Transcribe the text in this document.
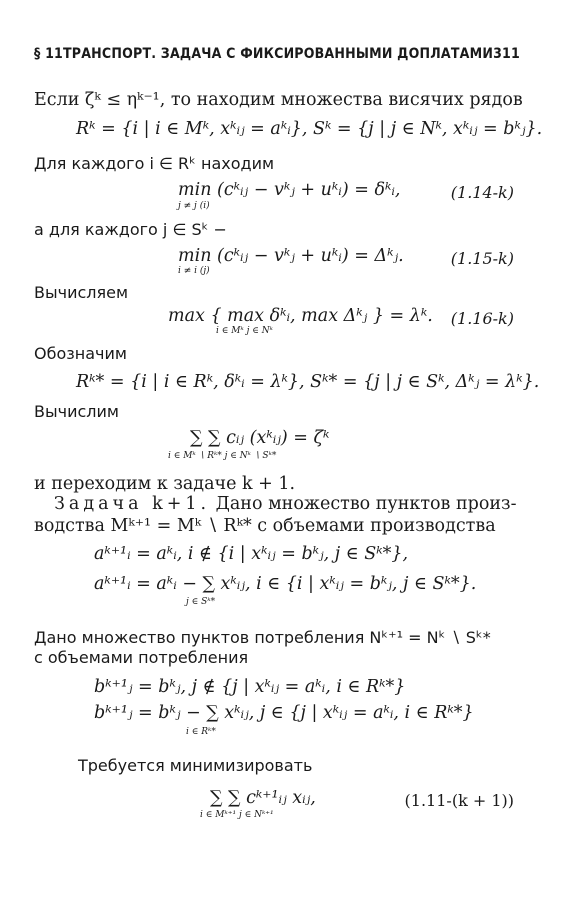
§ 11 ТРАНСПОРТ. ЗАДАЧА С ФИКСИРОВАННЫМИ ДОПЛАТАМИ 311
Если ζᵏ ≤ ηᵏ⁻¹, то находим множества висячих рядов
Rᵏ = {i | i ∈ Mᵏ, xᵏᵢⱼ = aᵏᵢ}, Sᵏ = {j | j ∈ Nᵏ, xᵏᵢⱼ = bᵏⱼ}.
Для каждого i ∈ Rᵏ находим
min (cᵏᵢⱼ − vᵏⱼ + uᵏᵢ) = δᵏᵢ,
j ≠ j (i)
(1.14-k)
а для каждого j ∈ Sᵏ −
min (cᵏᵢⱼ − vᵏⱼ + uᵏᵢ) = Δᵏⱼ.
i ≠ i (j)
(1.15-k)
Вычисляем
max { max δᵏᵢ, max Δᵏⱼ } = λᵏ.
i ∈ Mᵏ j ∈ Nᵏ
(1.16-k)
Обозначим
Rᵏ* = {i | i ∈ Rᵏ, δᵏᵢ = λᵏ}, Sᵏ* = {j | j ∈ Sᵏ, Δᵏⱼ = λᵏ}.
Вычислим
∑ ∑ cᵢⱼ (xᵏᵢⱼ) = ζᵏ
i ∈ Mᵏ ∖ Rᵏ* j ∈ Nᵏ ∖ Sᵏ*
и переходим к задаче k + 1.
Задача k+1. Дано множество пунктов произ-
водства Mᵏ⁺¹ = Mᵏ ∖ Rᵏ* с объемами производства
aᵏ⁺¹ᵢ = aᵏᵢ, i ∉ {i | xᵏᵢⱼ = bᵏⱼ, j ∈ Sᵏ*},
aᵏ⁺¹ᵢ = aᵏᵢ − ∑ xᵏᵢⱼ, i ∈ {i | xᵏᵢⱼ = bᵏⱼ, j ∈ Sᵏ*}.
j ∈ Sᵏ*
Дано множество пунктов потребления Nᵏ⁺¹ = Nᵏ ∖ Sᵏ*
с объемами потребления
bᵏ⁺¹ⱼ = bᵏⱼ, j ∉ {j | xᵏᵢⱼ = aᵏᵢ, i ∈ Rᵏ*}
bᵏ⁺¹ⱼ = bᵏⱼ − ∑ xᵏᵢⱼ, j ∈ {j | xᵏᵢⱼ = aᵏᵢ, i ∈ Rᵏ*}
i ∈ Rᵏ*
Требуется минимизировать
∑ ∑ cᵏ⁺¹ᵢⱼ xᵢⱼ,
i ∈ Mᵏ⁺¹ j ∈ Nᵏ⁺¹
(1.11-(k + 1))
